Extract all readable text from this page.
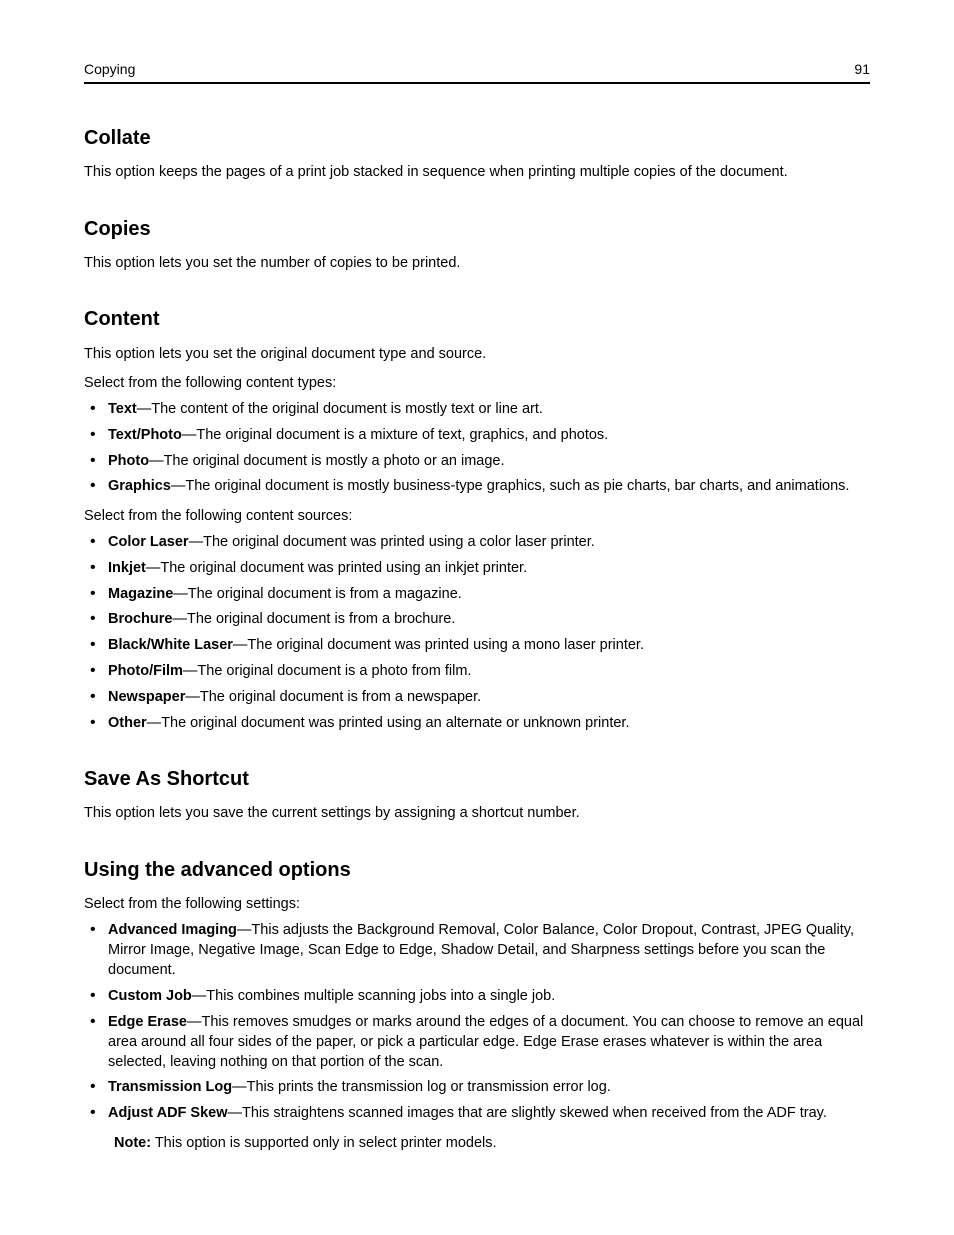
Copying	91
Collate

This option keeps the pages of a print job stacked in sequence when printing multiple copies of the document.

Copies

This option lets you set the number of copies to be printed.

Content

This option lets you set the original document type and source.

Select from the following content types:

• Text—The content of the original document is mostly text or line art.
• Text/Photo—The original document is a mixture of text, graphics, and photos.
• Photo—The original document is mostly a photo or an image.
• Graphics—The original document is mostly business-type graphics, such as pie charts, bar charts, and animations.

Select from the following content sources:

• Color Laser—The original document was printed using a color laser printer.
• Inkjet—The original document was printed using an inkjet printer.
• Magazine—The original document is from a magazine.
• Brochure—The original document is from a brochure.
• Black/White Laser—The original document was printed using a mono laser printer.
• Photo/Film—The original document is a photo from film.
• Newspaper—The original document is from a newspaper.
• Other—The original document was printed using an alternate or unknown printer.
Save As Shortcut

This option lets you save the current settings by assigning a shortcut number.

Using the advanced options

Select from the following settings:

• Advanced Imaging—This adjusts the Background Removal, Color Balance, Color Dropout, Contrast, JPEG Quality, Mirror Image, Negative Image, Scan Edge to Edge, Shadow Detail, and Sharpness settings before you scan the document.
• Custom Job—This combines multiple scanning jobs into a single job.
• Edge Erase—This removes smudges or marks around the edges of a document. You can choose to remove an equal area around all four sides of the paper, or pick a particular edge. Edge Erase erases whatever is within the area selected, leaving nothing on that portion of the scan.
• Transmission Log—This prints the transmission log or transmission error log.
• Adjust ADF Skew—This straightens scanned images that are slightly skewed when received from the ADF tray.
Note: This option is supported only in select printer models.
